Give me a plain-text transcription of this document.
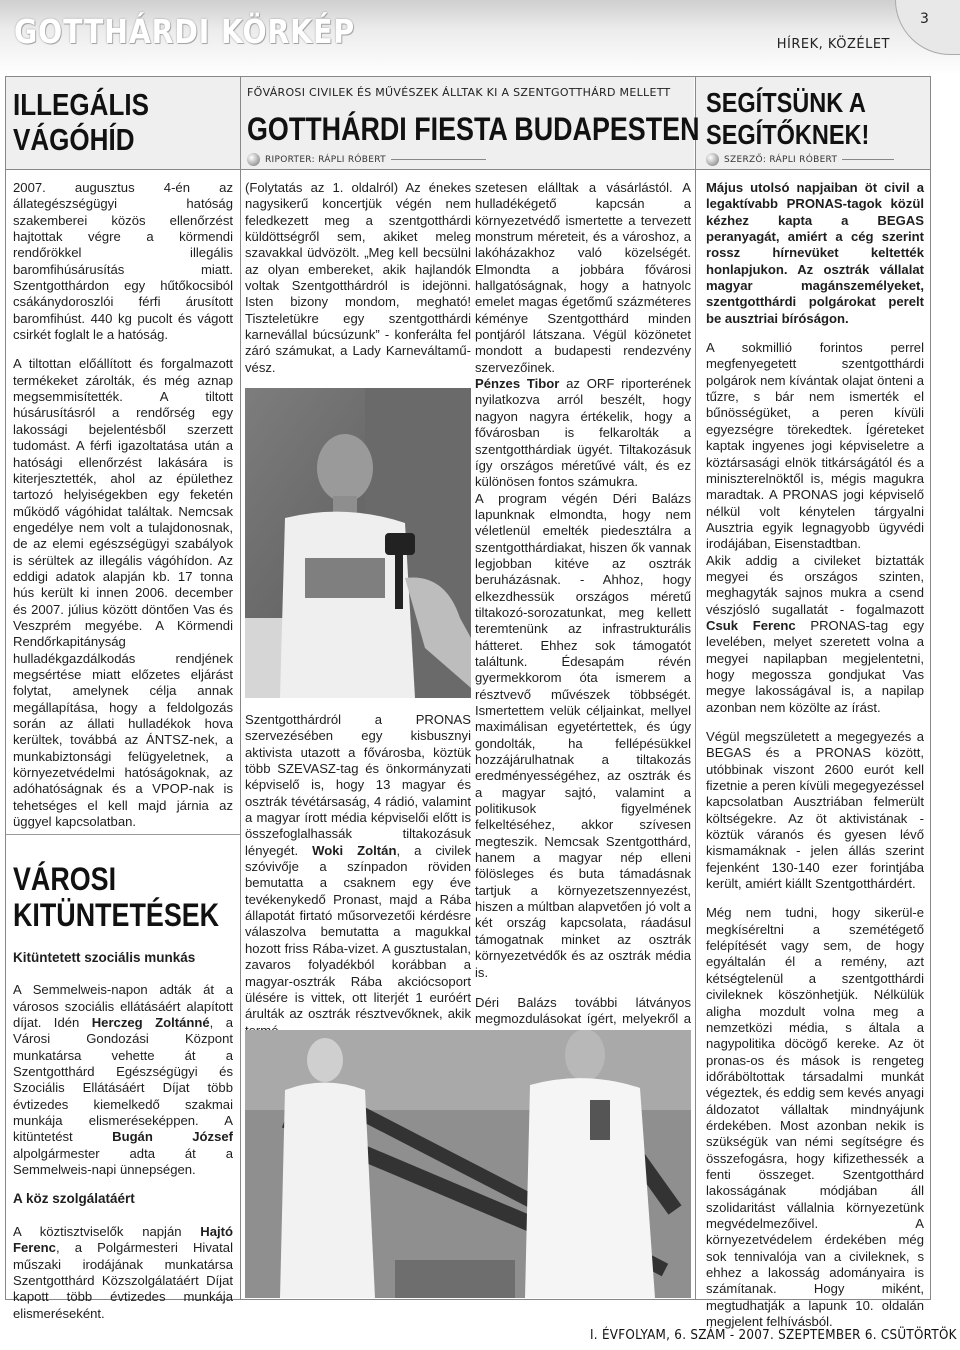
GOTTHÁRDI KÖRKÉP	HÍREK, KÖZÉLET
3
ILLEGÁLIS
VÁGÓHÍD

2007. augusztus 4-én az állategészségügyi hatóság szakemberei közös ellenőrzést hajtottak végre a körmendi rendőrökkel illegális baromfihúsárusítás miatt. Szentgotthárdon egy hűtőkocsiból csákánydoroszlói férfi árusított baromfihúst. 440 kg pucolt és vágott csirkét foglalt le a hatóság.

A tiltottan előállított és forgalmazott termékeket zárolták, és még aznap megsemmisítették. A tiltott húsárusításról a rendőrség egy lakossági bejelentésből szerzett tudomást. A férfi igazoltatása után a hatósági ellenőrzést lakására is kiterjesztették, ahol az épülethez tartozó helyiségekben egy feketén működő vágóhidat találtak. Nemcsak engedélye nem volt a tulajdonosnak, de az elemi egészségügyi szabályok is sérültek az illegális vágóhídon. Az eddigi adatok alapján kb. 17 tonna hús került ki innen 2006. december és 2007. július között döntően Vas és Veszprém megyébe. A Körmendi Rendőrkapitányság hulladékgazdálkodás rendjének megsértése miatt előzetes eljárást folytat, amelynek célja annak megállapítása, hogy a feldolgozás során az állati hulladékok hova kerültek, továbbá az ÁNTSZ-nek, a munkabiztonsági felügyeletnek, a környezetvédelmi hatóságoknak, az adóhatóságnak és a VPOP-nak is tehetséges el kell majd járnia az üggyel kapcsolatban.

VÁROSI
KITÜNTETÉSEK
Kitüntetett szociális munkás

A Semmelweis-napon adták át a városos szociális ellátásáért alapított díjat. Idén Herczeg Zoltánné, a Városi Gondozási Központ munkatársa vehette át a Szentgotthárd Egészségügyi és Szociális Ellátásáért Díjat több évtizedes kiemelkedő szakmai munkája elismeréseképpen. A kitüntetést Bugán József alpolgármester adta át a Semmelweis-napi ünnepségen.

A köz szolgálatáért

A köztisztviselők napján Hajtó Ferenc, a Polgármesteri Hivatal műszaki irodájának munkatársa Szentgotthárd Közszolgálatáért Díjat kapott több évtizedes munkája elismeréseként.

FŐVÁROSI CIVILEK ÉS MŰVÉSZEK ÁLLTAK KI A SZENTGOTTHÁRD MELLETT
GOTTHÁRDI FIESTA BUDAPESTEN
RIPORTER: RÁPLI RÓBERT

(Folytatás az 1. oldalról) Az énekes nagysikerű koncertjük végén nem feledkezett meg a szentgotthárdi küldöttségről sem, akiket meleg szavakkal üdvözölt. „Meg kell becsülni az olyan embereket, akik hajlandók voltak Szentgotthárdról is idejönni. Isten bizony mondom, megható! Tiszteletükre egy szentgotthárdi karnevállal búcsúzunk” - konferálta fel záró számukat, a Lady Karneváltaművész.

Szentgotthárdról a PRONAS szervezésében egy kisbusznyi aktivista utazott a fővárosba, köztük több SZEVASZ-tag és önkormányzati képviselő is, hogy 13 magyar és osztrák tévétársaság, 4 rádió, valamint a magyar írott média képviselői előtt is összefoglalhassák tiltakozásuk lényegét. Woki Zoltán, a civilek szóvivője a színpadon röviden bemutatta a csaknem egy éve tevékenykedő Pronast, majd a Rába állapotát firtató műsorvezetői kérdésre válaszolva bemutatta a magukkal hozott friss Rába-vizet. A gusztustalan, zavaros folyadékból korábban a magyar-osztrák Rába akciócsoport ülésére is vittek, ott literjét 1 euróért árulták az osztrák résztvevőknek, akik

szetesen elálltak a vásárlástól. A hulladékégető kapcsán a környezetvédő ismertette a tervezett monstrum méreteit, és a városhoz, a lakóházakhoz való közelségét. Elmondta a jobbára fővárosi hallgatóságnak, hogy a hatnyolc emelet magas égetőmű százméteres kéménye Szentgotthárd minden pontjáról látszana. Végül közönetet mondott a budapesti rendezvény szervezőinek.

Pénzes Tibor az ORF riporterének nyilatkozva arról beszélt, hogy nagyon nagyra értékelik, hogy a fővárosban is felkarolták a szentgotthárdiak ügyét. Tiltakozásuk így országos méretűvé vált, és ez különösen fontos számukra.

A program végén Déri Balázs lapunknak elmondta, hogy nem véletlenül emelték piedesztálra a szentgotthárdiakat, hiszen ők vannak legjobban kitéve az osztrák beruházásnak. - Ahhoz, hogy elkezdhessük országos méretű tiltakozó-sorozatunkat, meg kellett teremtenünk az infrastrukturális hátteret. Ehhez sok támogatót találtunk. Édesapám révén gyermekkorom óta ismerem a résztvevő művészek többségét. Ismertettem velük céljainkat, mellyel maximálisan egyetértettek, és úgy gondolták, ha fellépésükkel hozzájárulhatnak a tiltakozás eredményességéhez, az osztrák és a magyar sajtó, valamint a politikusok figyelmének felkeltéséhez, akkor szívesen megteszik. Nemcsak Szentgotthárd, hanem a magyar nép elleni fölösleges és buta támadásnak tartjuk a környezetszennyezést, hiszen a múltban alapvetően jó volt a két ország kapcsolata, ráadásul támogatnak minket az osztrák környezetvédők és az osztrák média is.

Déri Balázs további látványos megmozdulásokat ígért, melyekről a

SEGÍTSÜNK A
SEGÍTŐKNEK!
SZERZŐ: RÁPLI RÓBERT

Május utolsó napjaiban öt civil a legaktívabb PRONAS-tagok közül kézhez kapta a BEGAS peranyagát, amiért a cég szerint rossz hírnevüket keltették honlapjukon. Az osztrák vállalat magyar magánszemélyeket, szentgotthárdi polgárokat perelt be ausztriai bíróságon.

A sokmillió forintos perrel megfenyegetett szentgotthárdi polgárok nem kívántak olajat önteni a tűzre, s bár nem ismerték el bűnösségüket, a peren kívüli egyezségre törekedtek. Ígéreteket kaptak ingyenes jogi képviseletre a köztársasági elnök titkárságától és a miniszterelnöktől is, mégis magukra maradtak. A PRONAS jogi képviselő nélkül volt kénytelen tárgyalni Ausztria egyik legnagyobb ügyvédi irodájában, Eisenstadtban.

Akik addig a civileket biztatták megyei és országos szinten, meghagyták sajnos mukra a csend vészjósló sugallatát - fogalmazott Csuk Ferenc PRONAS-tag egy levelében, melyet szeretett volna a megyei napilapban megjelentetni, hogy megossza gondjukat Vas megye lakosságával is, a napilap azonban nem közölte az írást.

Végül megszületett a megegyezés a BEGAS és a PRONAS között, utóbbinak viszont 2600 eurót kell fizetnie a peren kívüli megegyezéssel kapcsolatban Ausztriában felmerült költségekre. Az öt aktivistának - köztük váranós és gyesen lévő kismamáknak - jelen állás szerint fejenként 130-140 ezer forintjába került, amiért kiállt Szentgotthárdért.

Még nem tudni, hogy sikerül-e megkíséreltni a szemétégető felépítését vagy sem, de hogy egyáltalán él a remény, azt kétségtelenül a szentgotthárdi civileknek köszönhetjük. Nélkülük aligha mozdult volna meg a nemzetközi média, s általa a nagypolitika döcögő kereke. Az öt pronas-os és mások is rengeteg időráböltottak társadalmi munkát végeztek, és eddig sem kevés anyagi áldozatot vállaltak mindnyájunk érdekében. Most azonban nekik is szükségük van némi segítségre és összefogásra, hogy kifizethessék a fenti összeget. Szentgotthárd lakosságának módjában áll szolidaritást vállalnia környezetünk megvédelmezőivel. A környezetvédelem érdekében még sok tennivalója van a civileknek, s ehhez a lakosság adományaira is számítanak. Hogy miként, megtudhatják a lapunk 10. oldalán megjelent felhívásból.

I. ÉVFOLYAM, 6. SZÁM - 2007. SZEPTEMBER 6. CSÜTÖRTÖK
